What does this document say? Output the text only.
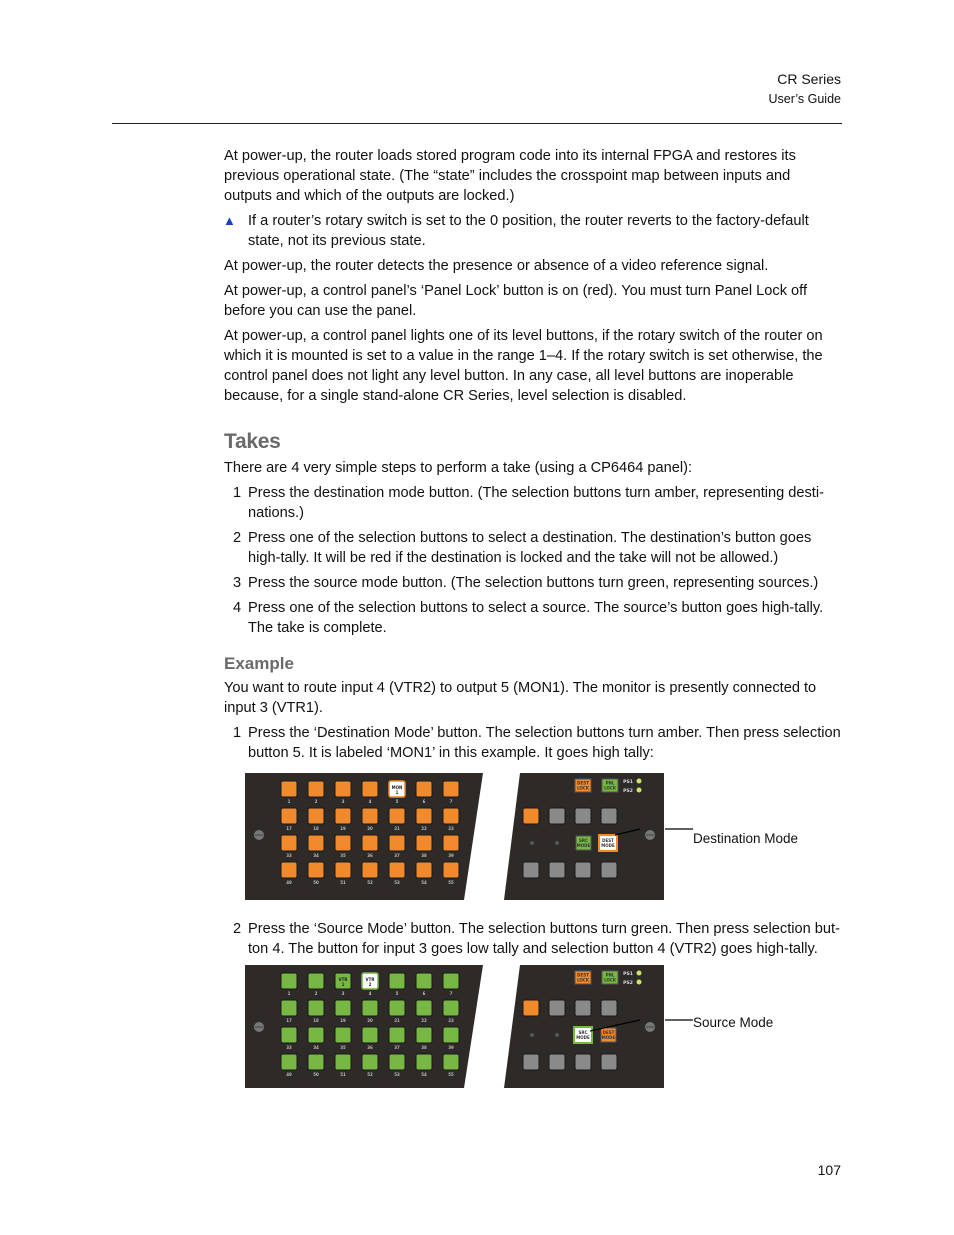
CR Series
User’s Guide

At power-up, the router loads stored program code into its internal FPGA and restores its previous operational state. (The “state” includes the crosspoint map between inputs and outputs and which of the outputs are locked.)

▲ If a router’s rotary switch is set to the 0 position, the router reverts to the factory-default state, not its previous state.

At power-up, the router detects the presence or absence of a video reference signal.

At power-up, a control panel’s ‘Panel Lock’ button is on (red). You must turn Panel Lock off before you can use the panel.

At power-up, a control panel lights one of its level buttons, if the rotary switch of the router on which it is mounted is set to a value in the range 1–4. If the rotary switch is set otherwise, the control panel does not light any level button. In any case, all level buttons are inoperable because, for a single stand-alone CR Series, level selection is disabled.

Takes

There are 4 very simple steps to perform a take (using a CP6464 panel):

1 Press the destination mode button. (The selection buttons turn amber, representing desti-nations.)
2 Press one of the selection buttons to select a destination. The destination’s button goes high-tally. It will be red if the destination is locked and the take will not be allowed.)
3 Press the source mode button. (The selection buttons turn green, representing sources.)
4 Press one of the selection buttons to select a source. The source’s button goes high-tally. The take is complete.
Example

You want to route input 4 (VTR2) to output 5 (MON1). The monitor is presently connected to input 3 (VTR1).

1 Press the ‘Destination Mode’ button. The selection buttons turn amber. Then press selection button 5. It is labeled ‘MON1’ in this example. It goes high tally:
1	2	3	4
MON
1
5	6	7
17	18	19	20	21	22	23
33	34	35	36	37	38	39
49	50	51	52	53	54	55
DEST
LOCK
PNL
LOCK
PS1
PS2
SRC
MODE
DEST
MODE	Destination Mode
2 Press the ‘Source Mode’ button. The selection buttons turn green. Then press selection but-ton 4. The button for input 3 goes low tally and selection button 4 (VTR2) goes high-tally.
1	2
VTR
1
3
VTR
2
4	5	6	7
17	18	19	20	21	22	23
33	34	35	36	37	38	39
49	50	51	52	53	54	55
DEST
LOCK
PNL
LOCK
PS1
PS2
SRC
MODE
DEST
MODE
Source Mode
107
